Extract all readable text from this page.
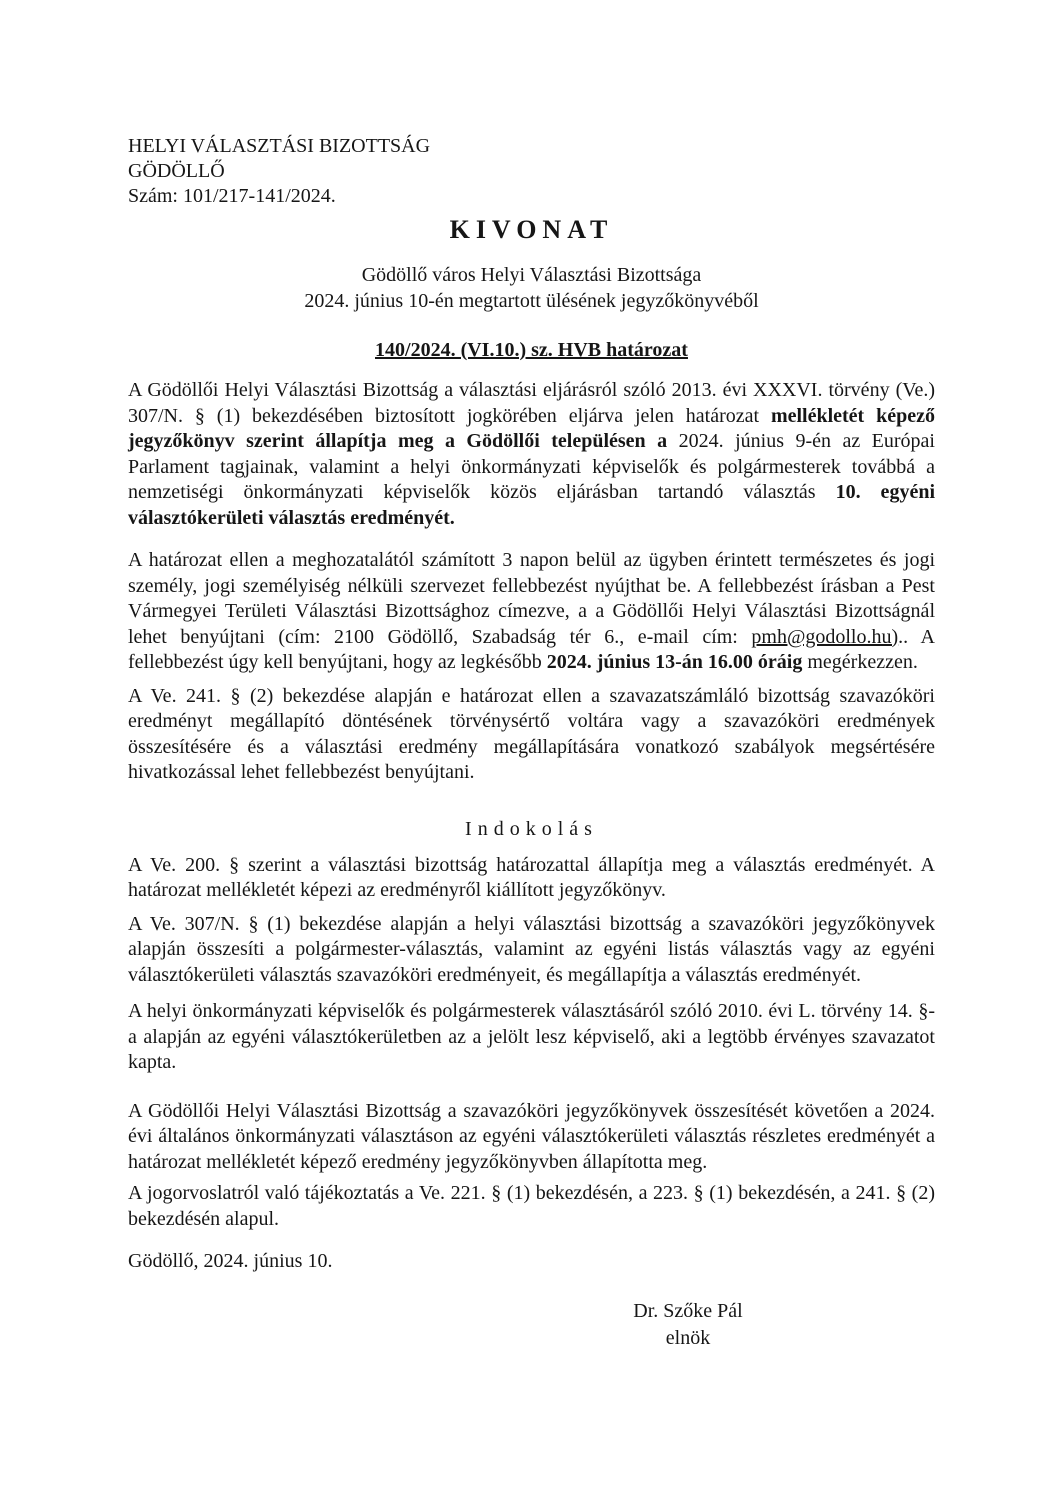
HELYI VÁLASZTÁSI BIZOTTSÁG
GÖDÖLLŐ
Szám: 101/217-141/2024.
KIVONAT
Gödöllő város Helyi Választási Bizottsága
2024. június 10-én megtartott ülésének jegyzőkönyvéből
140/2024. (VI.10.) sz. HVB határozat

A Gödöllői Helyi Választási Bizottság a választási eljárásról szóló 2013. évi XXXVI. törvény (Ve.) 307/N. § (1) bekezdésében biztosított jogkörében eljárva jelen határozat mellékletét képező jegyzőkönyv szerint állapítja meg a Gödöllői településen a 2024. június 9-én az Európai Parlament tagjainak, valamint a helyi önkormányzati képviselők és polgármesterek továbbá a nemzetiségi önkormányzati képviselők közös eljárásban tartandó választás 10. egyéni választókerületi választás eredményét.

A határozat ellen a meghozatalától számított 3 napon belül az ügyben érintett természetes és jogi személy, jogi személyiség nélküli szervezet fellebbezést nyújthat be. A fellebbezést írásban a Pest Vármegyei Területi Választási Bizottsághoz címezve, a a Gödöllői Helyi Választási Bizottságnál lehet benyújtani (cím: 2100 Gödöllő, Szabadság tér 6., e-mail cím: pmh@godollo.hu).. A fellebbezést úgy kell benyújtani, hogy az legkésőbb 2024. június 13-án 16.00 óráig megérkezzen.

A Ve. 241. § (2) bekezdése alapján e határozat ellen a szavazatszámláló bizottság szavazóköri eredményt megállapító döntésének törvénysértő voltára vagy a szavazóköri eredmények összesítésére és a választási eredmény megállapítására vonatkozó szabályok megsértésére hivatkozással lehet fellebbezést benyújtani.

Indokolás

A Ve. 200. § szerint a választási bizottság határozattal állapítja meg a választás eredményét. A határozat mellékletét képezi az eredményről kiállított jegyzőkönyv.

A Ve. 307/N. § (1) bekezdése alapján a helyi választási bizottság a szavazóköri jegyzőkönyvek alapján összesíti a polgármester-választás, valamint az egyéni listás választás vagy az egyéni választókerületi választás szavazóköri eredményeit, és megállapítja a választás eredményét.

A helyi önkormányzati képviselők és polgármesterek választásáról szóló 2010. évi L. törvény 14. §-a alapján az egyéni választókerületben az a jelölt lesz képviselő, aki a legtöbb érvényes szavazatot kapta.

A Gödöllői Helyi Választási Bizottság a szavazóköri jegyzőkönyvek összesítését követően a 2024. évi általános önkormányzati választáson az egyéni választókerületi választás részletes eredményét a határozat mellékletét képező eredmény jegyzőkönyvben állapította meg.

A jogorvoslatról való tájékoztatás a Ve. 221. § (1) bekezdésén, a 223. § (1) bekezdésén, a 241. § (2) bekezdésén alapul.

Gödöllő, 2024. június 10.

Dr. Szőke Pál
elnök
